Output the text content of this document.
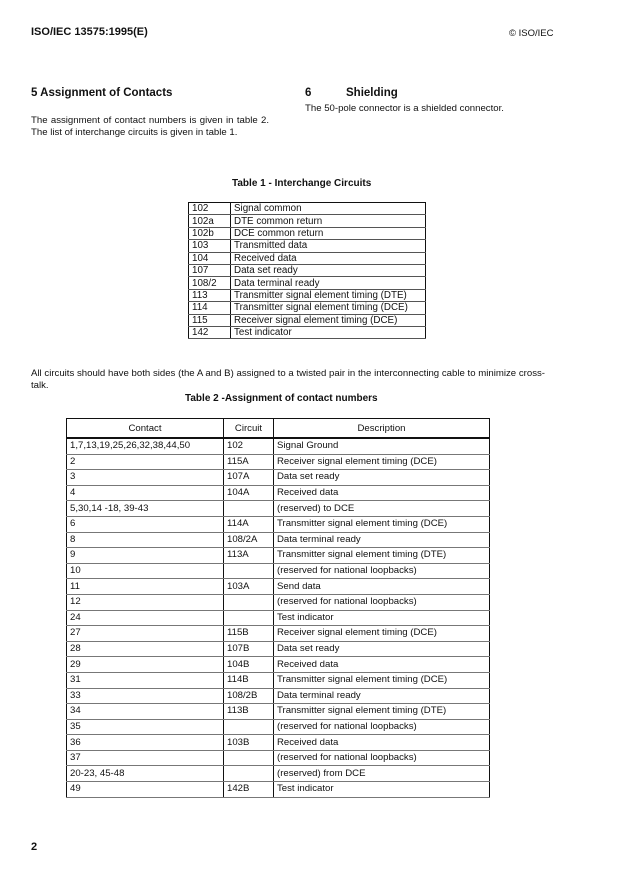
ISO/IEC 13575:1995(E)	© ISO/IEC
5 Assignment of Contacts
The assignment of contact numbers is given in table 2. The list of interchange circuits is given in table 1.
6	Shielding
The 50-pole connector is a shielded connector.
Table 1 - Interchange Circuits
102	Signal common
102a	DTE common return
102b	DCE common return
103	Transmitted data
104	Received data
107	Data set ready
108/2	Data terminal ready
113	Transmitter signal element timing (DTE)
114	Transmitter signal element timing (DCE)
115	Receiver signal element timing (DCE)
142	Test indicator
All circuits should have both sides (the A and B) assigned to a twisted pair in the interconnecting cable to minimize cross-talk.
Table 2 -Assignment of contact numbers
Contact	Circuit	Description
1,7,13,19,25,26,32,38,44,50	102	Signal Ground
2	115A	Receiver signal element timing (DCE)
3	107A	Data set ready
4	104A	Received data
5,30,14 -18, 39-43		(reserved) to DCE
6	114A	Transmitter signal element timing (DCE)
8	108/2A	Data terminal ready
9	113A	Transmitter signal element timing (DTE)
10		(reserved for national loopbacks)
11	103A	Send data
12		(reserved for national loopbacks)
24		Test indicator
27	115B	Receiver signal element timing (DCE)
28	107B	Data set ready
29	104B	Received data
31	114B	Transmitter signal element timing (DCE)
33	108/2B	Data terminal ready
34	113B	Transmitter signal element timing (DTE)
35		(reserved for national loopbacks)
36	103B	Received data
37		(reserved for national loopbacks)
20-23, 45-48		(reserved) from DCE
49	142B	Test indicator
2
